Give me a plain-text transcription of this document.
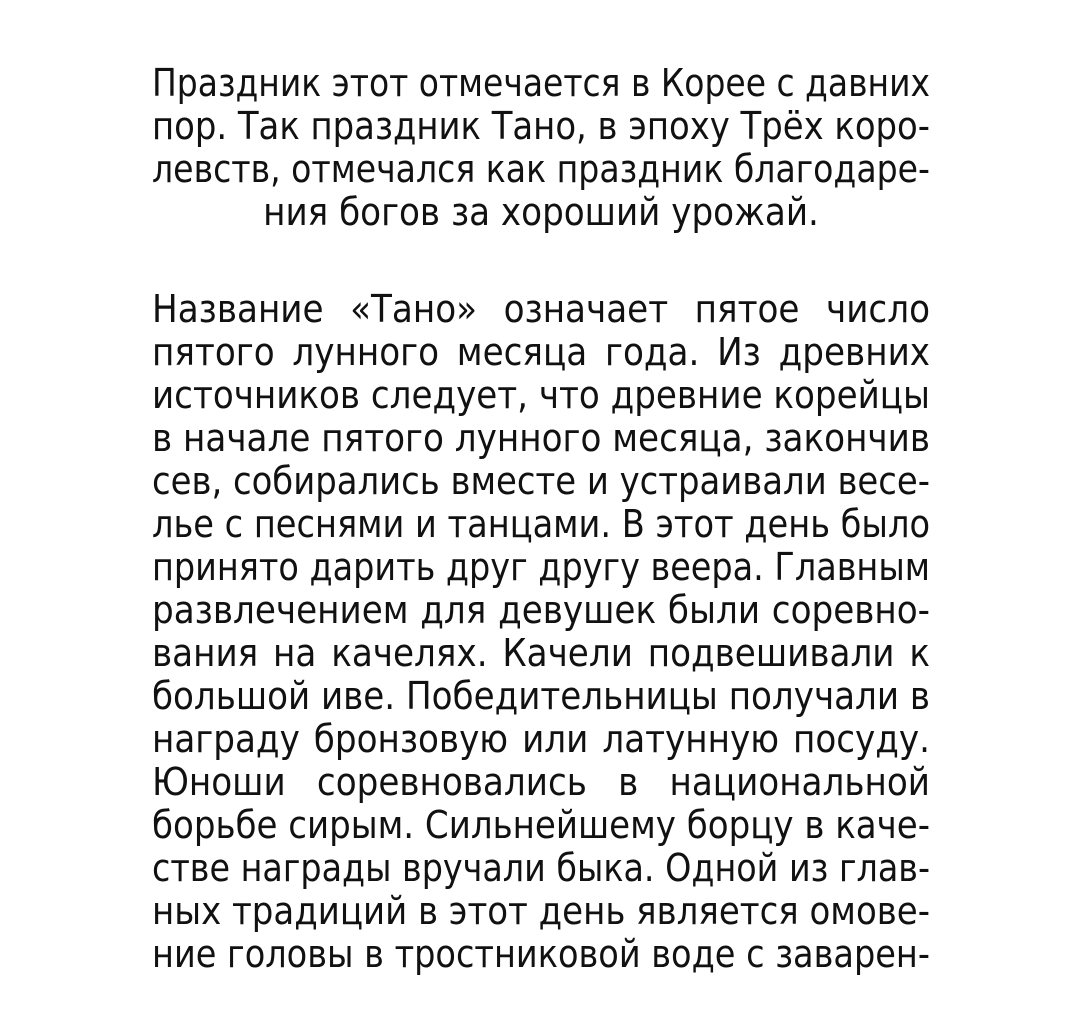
Праздник этот отмечается в Корее с давних
пор. Так праздник Тано, в эпоху Трёх коро-
левств, отмечался как праздник благодаре-
ния богов за хороший урожай.
Название «Тано» означает пятое число
пятого лунного месяца года. Из древних
источников следует, что древние корейцы
в начале пятого лунного месяца, закончив
сев, собирались вместе и устраивали весе-
лье с песнями и танцами. В этот день было
принято дарить друг другу веера. Главным
развлечением для девушек были соревно-
вания на качелях. Качели подвешивали к
большой иве. Победительницы получали в
награду бронзовую или латунную посуду.
Юноши соревновались в национальной
борьбе сирым. Сильнейшему борцу в каче-
стве награды вручали быка. Одной из глав-
ных традиций в этот день является омове-
ние головы в тростниковой воде с заварен-
